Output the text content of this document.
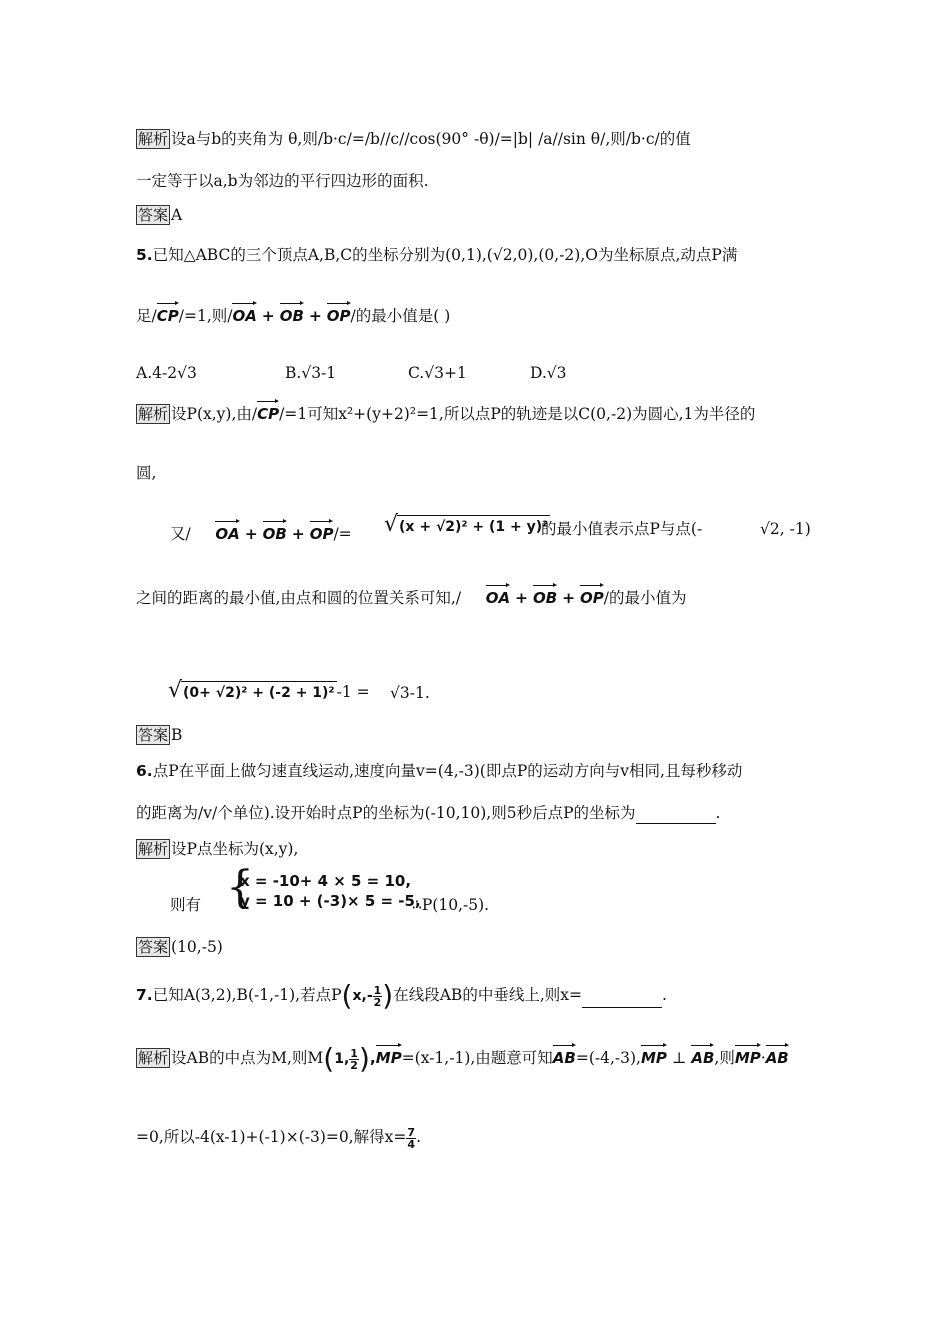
解析 设a与b的夹角为 θ,则/b·c/=/b//c//cos(90° -θ)/=|b| /a//sin θ/,则/b·c/的值
一定等于以a,b为邻边的平行四边形的面积.
答案 A
5.已知△ABC的三个顶点A,B,C的坐标分别为(0,1),(√2,0),(0,-2),O为坐标原点,动点P满
足/
CP/=1,则/
OA + OB + OP/的最小值是( )
A.4-2√3	B.√3-1	C.√3+1	D.√3
解析 设P(x,y),由/
CP/=1可知x²+(y+2)²=1,所以点P的轨迹是以C(0,-2)为圆心,1为半径的
圆,
又/ OA + OB + OP/= √(x + √2)² + (1 + y)²
的最小值表示点P与点(-	√2, -1)
之间的距离的最小值,由点和圆的位置关系可知,/ OA + OB + OP/的最小值为
√(0+ √2)² + (-2 + 1)² -1 = √3-1.
答案 B
6.点P在平面上做匀速直线运动,速度向量v=(4,-3)(即点P的运动方向与v相同,且每秒移动
的距离为/v/个单位).设开始时点P的坐标为(-10,10),则5秒后点P的坐标为	.
解析 设P点坐标为(x,y),
则有 {
x = -10+ 4 × 5 = 10,
y = 10 + (-3)× 5 = -5,
∴P(10,-5).
答案 (10,-5)
7.已知A(3,2),B(-1,-1),若点$P(x,- \frac{1}{2}$ )在线段AB的中垂线上,则x=	.
解析 设AB的中点为M,则M(1, $\frac{1}{2}$ ),
MP=(x-1,-1),由题意可知
AB=(-4,-3),
MP ⊥
AB,则
MP·
AB
=0,所以-4(x-1)+(-1)×(-3)=0,解得$x= \frac{7}{4}$ .
